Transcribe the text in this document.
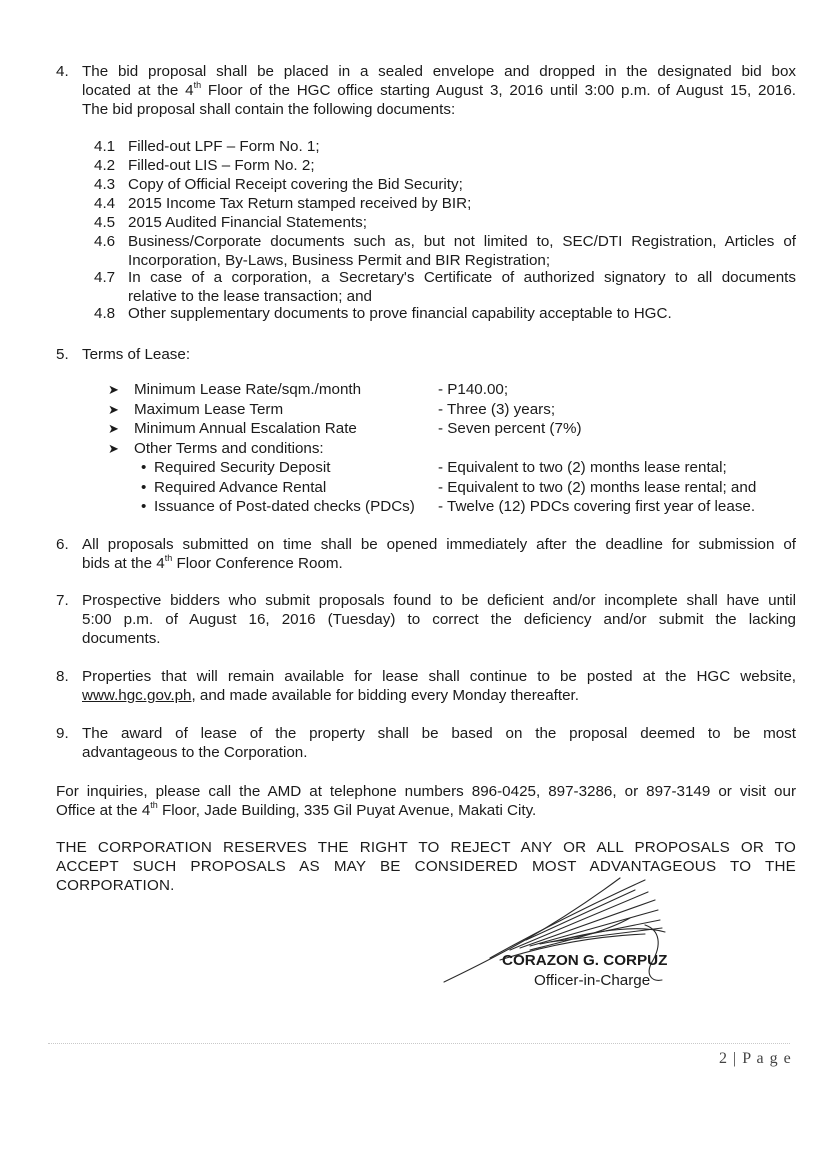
4. The bid proposal shall be placed in a sealed envelope and dropped in the designated bid box
located at the 4th Floor of the HGC office starting August 3, 2016 until 3:00 p.m. of August 15, 2016.
The bid proposal shall contain the following documents:
4.1 Filled-out LPF – Form No. 1;
4.2 Filled-out LIS – Form No. 2;
4.3 Copy of Official Receipt covering the Bid Security;
4.4 2015 Income Tax Return stamped received by BIR;
4.5 2015 Audited Financial Statements;
4.6 Business/Corporate documents such as, but not limited to, SEC/DTI Registration, Articles of
Incorporation, By-Laws, Business Permit and BIR Registration;
4.7 In case of a corporation, a Secretary's Certificate of authorized signatory to all documents
relative to the lease transaction; and
4.8 Other supplementary documents to prove financial capability acceptable to HGC.
5. Terms of Lease:
➤ Minimum Lease Rate/sqm./month	- P140.00;
➤ Maximum Lease Term	- Three (3) years;
➤ Minimum Annual Escalation Rate	- Seven percent (7%)
➤ Other Terms and conditions:
• Required Security Deposit	- Equivalent to two (2) months lease rental;
• Required Advance Rental	- Equivalent to two (2) months lease rental; and
• Issuance of Post-dated checks (PDCs) - Twelve (12) PDCs covering first year of lease.
6. All proposals submitted on time shall be opened immediately after the deadline for submission of
bids at the 4th Floor Conference Room.
7. Prospective bidders who submit proposals found to be deficient and/or incomplete shall have until
5:00 p.m. of August 16, 2016 (Tuesday) to correct the deficiency and/or submit the lacking
documents.
8. Properties that will remain available for lease shall continue to be posted at the HGC website,
www.hgc.gov.ph, and made available for bidding every Monday thereafter.
9. The award of lease of the property shall be based on the proposal deemed to be most
advantageous to the Corporation.
For inquiries, please call the AMD at telephone numbers 896-0425, 897-3286, or 897-3149 or visit our
Office at the 4th Floor, Jade Building, 335 Gil Puyat Avenue, Makati City.
THE CORPORATION RESERVES THE RIGHT TO REJECT ANY OR ALL PROPOSALS OR TO
ACCEPT SUCH PROPOSALS AS MAY BE CONSIDERED MOST ADVANTAGEOUS TO THE
CORPORATION.
CORAZON G. CORPUZ
Officer-in-Charge
2 | P a g e
